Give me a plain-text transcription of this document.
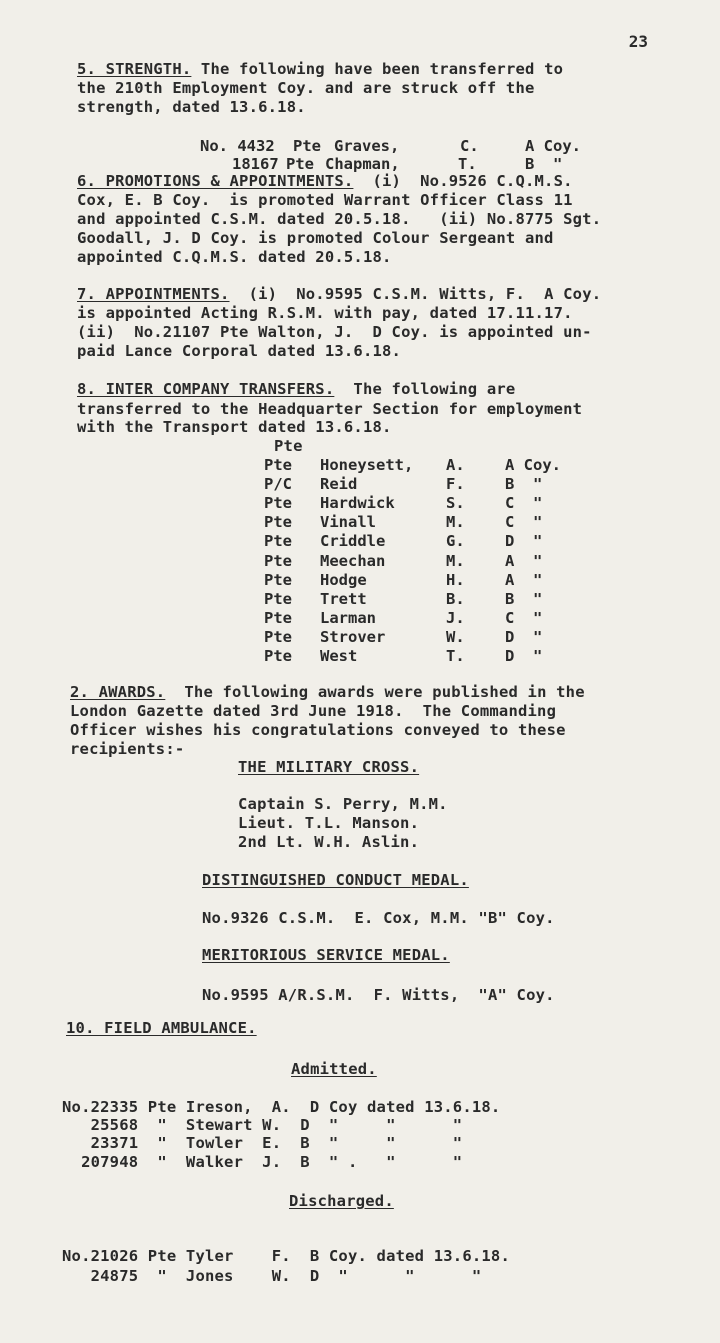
23
5. STRENGTH. The following have been transferred to
the 210th Employment Coy. and are struck off the
strength, dated 13.6.18.

No. 4432 Pte Graves,	C.	A Coy.

18167 Pte Chapman,	T.	B  "

6. PROMOTIONS & APPOINTMENTS.  (i)  No.9526 C.Q.M.S.
Cox, E. B Coy.  is promoted Warrant Officer Class 11
and appointed C.S.M. dated 20.5.18.   (ii) No.8775 Sgt.
Goodall, J. D Coy. is promoted Colour Sergeant and
appointed C.Q.M.S. dated 20.5.18.
7. APPOINTMENTS.  (i)  No.9595 C.S.M. Witts, F.  A Coy.
is appointed Acting R.S.M. with pay, dated 17.11.17.
(ii)  No.21107 Pte Walton, J.  D Coy. is appointed un-
paid Lance Corporal dated 13.6.18.
8. INTER COMPANY TRANSFERS.  The following are
transferred to the Headquarter Section for employment
with the Transport dated 13.6.18.
Pte
Pte Honeysett, A.	A Coy.
P/C Reid	F.	B  "
Pte Hardwick	S.	C  "
Pte Vinall	M.	C  "
Pte Criddle	G.	D  "
Pte Meechan	M.	A  "
Pte Hodge	H.	A  "
Pte Trett	B.	B  "
Pte Larman	J.	C  "
Pte Strover	W.	D  "
Pte West	T.	D  "
2. AWARDS.  The following awards were published in the
London Gazette dated 3rd June 1918.  The Commanding
Officer wishes his congratulations conveyed to these
recipients:-
THE MILITARY CROSS.
Captain S. Perry, M.M.
Lieut. T.L. Manson.
2nd Lt. W.H. Aslin.
DISTINGUISHED CONDUCT MEDAL.
No.9326 C.S.M.  E. Cox, M.M. "B" Coy.
MERITORIOUS SERVICE MEDAL.
No.9595 A/R.S.M.  F. Witts,  "A" Coy.
10. FIELD AMBULANCE.
Admitted.
No.22335 Pte Ireson,  A.  D Coy dated 13.6.18.
25568  "  Stewart W.  D  "     "      "
23371  "  Towler  E.  B  "     "      "
207948  "  Walker  J.  B  " .   "      "
Discharged.
No.21026 Pte Tyler    F.  B Coy. dated 13.6.18.
24875  "  Jones    W.  D  "      "      "
